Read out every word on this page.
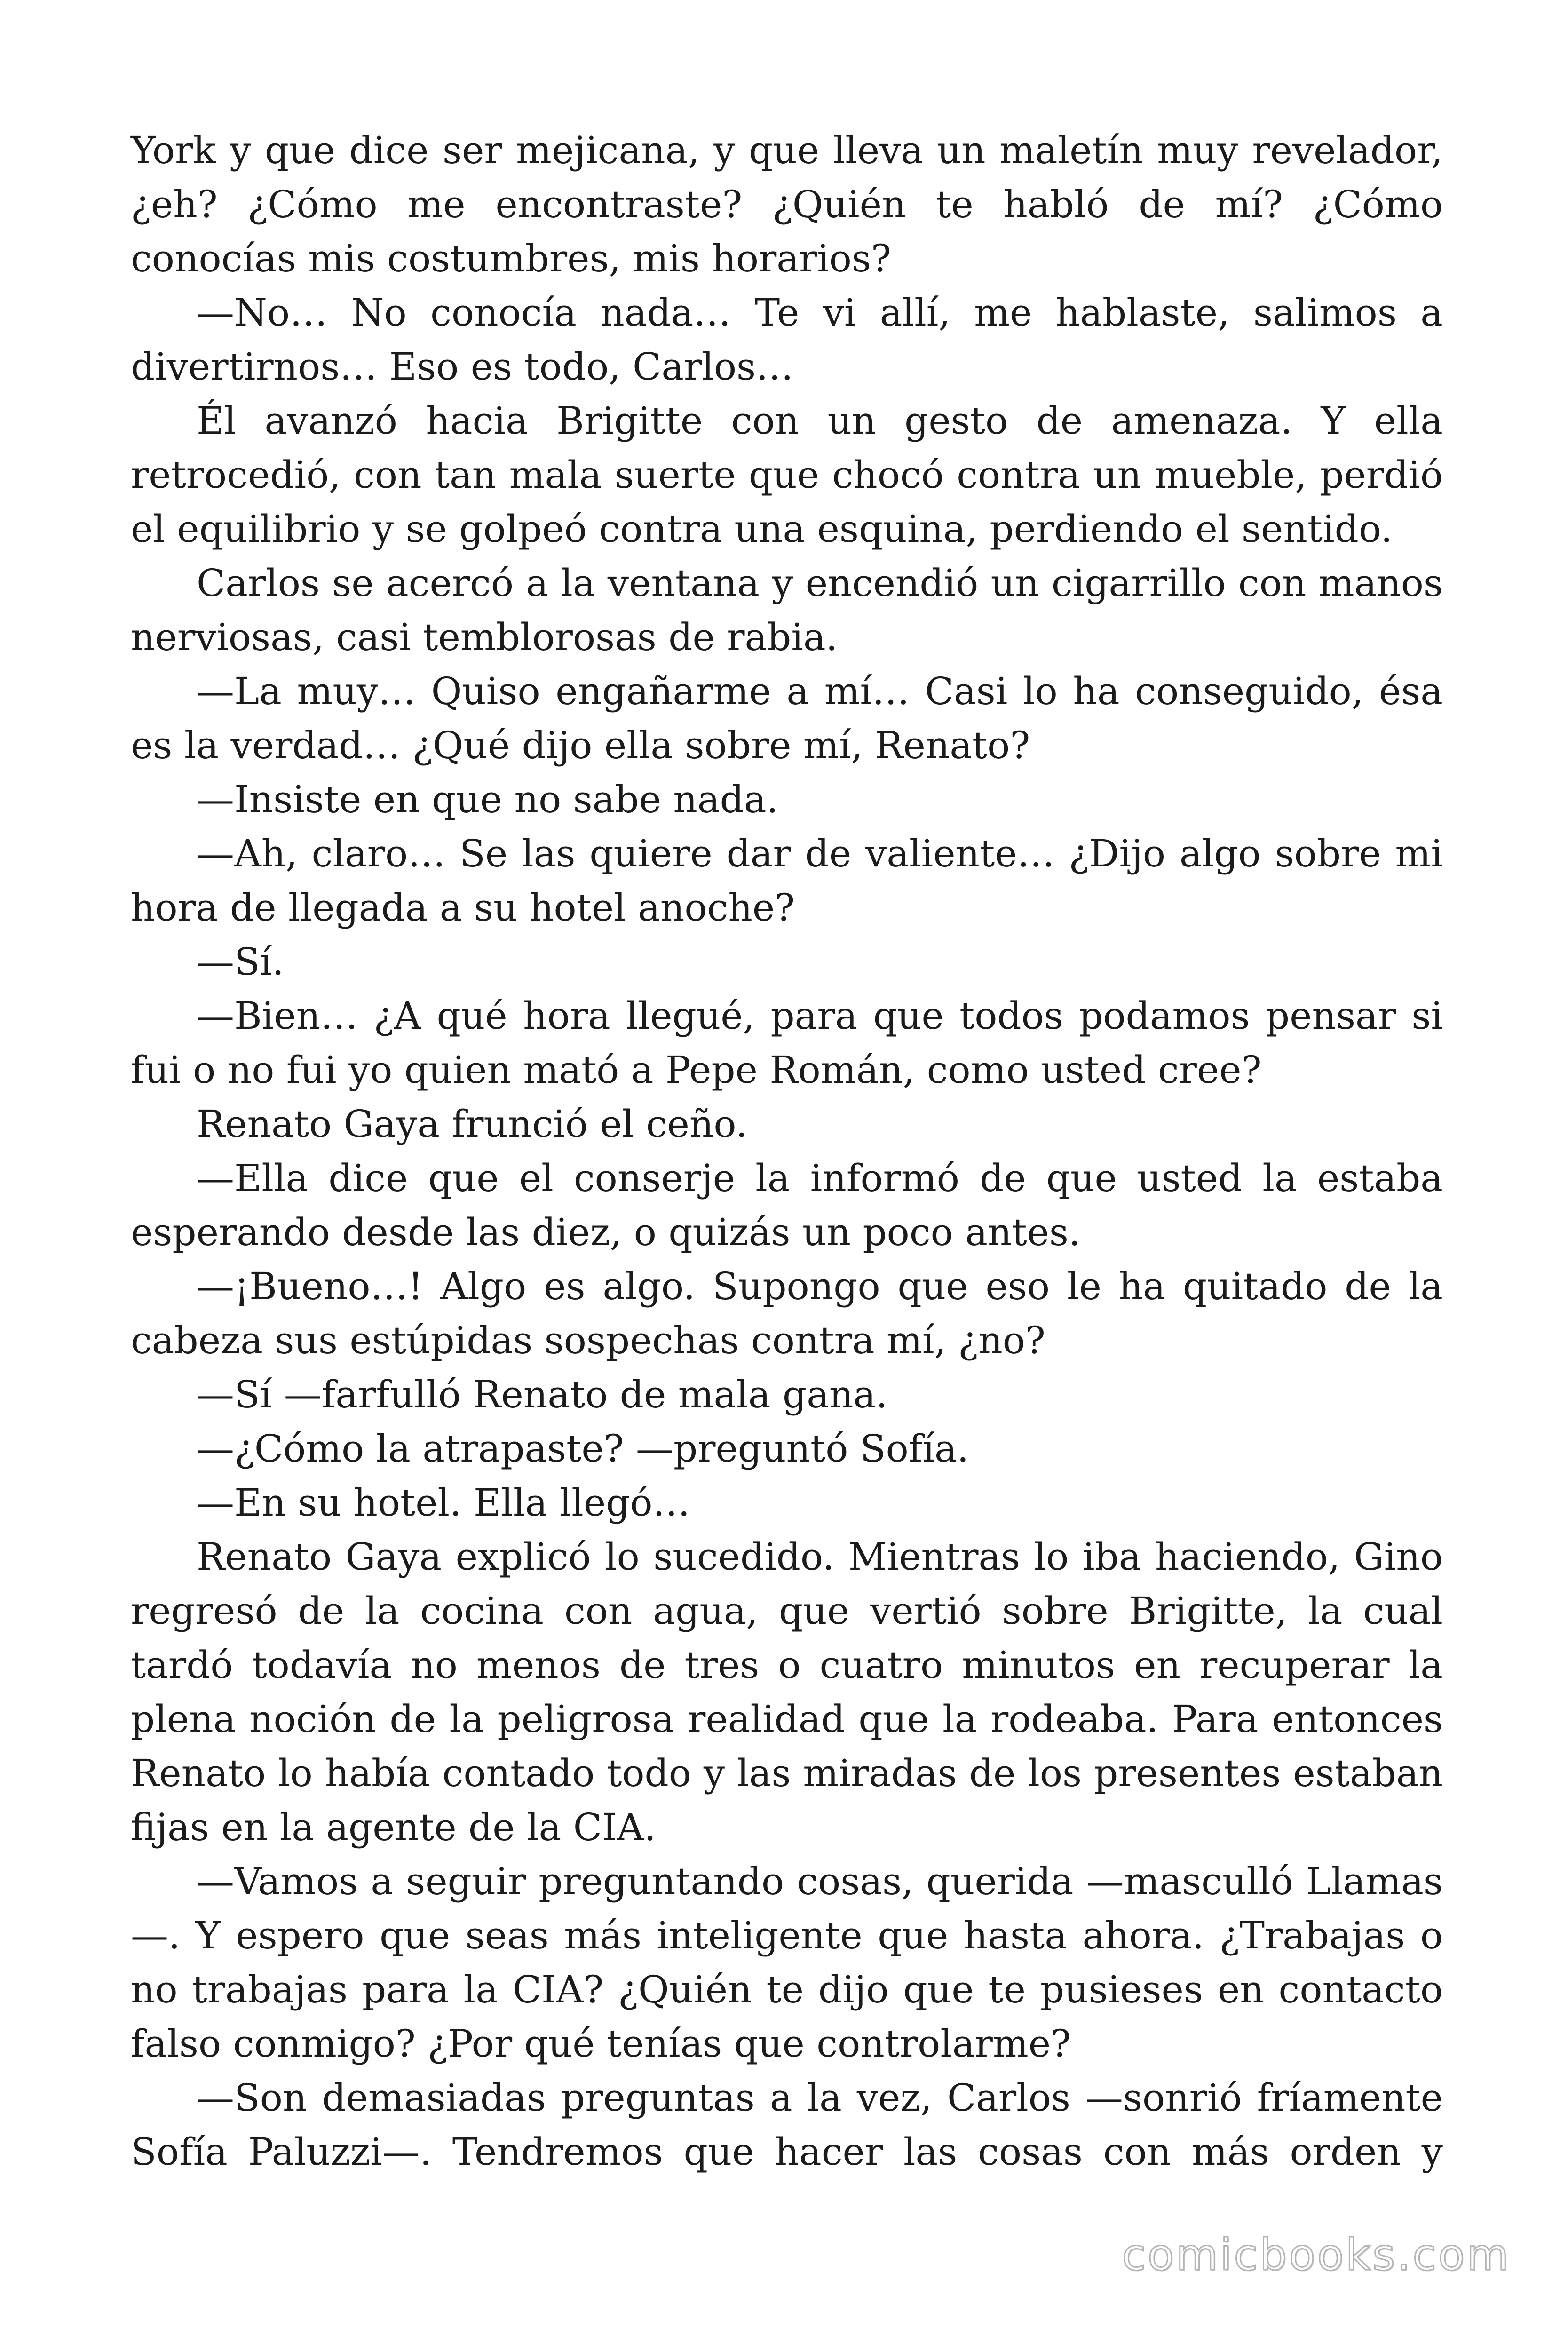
York y que dice ser mejicana, y que lleva un maletín muy revelador, ¿eh? ¿Cómo me encontraste? ¿Quién te habló de mí? ¿Cómo conocías mis costumbres, mis horarios?

—No… No conocía nada… Te vi allí, me hablaste, salimos a divertirnos… Eso es todo, Carlos…

Él avanzó hacia Brigitte con un gesto de amenaza. Y ella retrocedió, con tan mala suerte que chocó contra un mueble, perdió el equilibrio y se golpeó contra una esquina, perdiendo el sentido.

Carlos se acercó a la ventana y encendió un cigarrillo con manos nerviosas, casi temblorosas de rabia.

—La muy… Quiso engañarme a mí… Casi lo ha conseguido, ésa es la verdad… ¿Qué dijo ella sobre mí, Renato?

—Insiste en que no sabe nada.

—Ah, claro… Se las quiere dar de valiente… ¿Dijo algo sobre mi hora de llegada a su hotel anoche?

—Sí.

—Bien… ¿A qué hora llegué, para que todos podamos pensar si fui o no fui yo quien mató a Pepe Román, como usted cree?

Renato Gaya frunció el ceño.

—Ella dice que el conserje la informó de que usted la estaba esperando desde las diez, o quizás un poco antes.

—¡Bueno…! Algo es algo. Supongo que eso le ha quitado de la cabeza sus estúpidas sospechas contra mí, ¿no?

—Sí —farfulló Renato de mala gana.

—¿Cómo la atrapaste? —preguntó Sofía.

—En su hotel. Ella llegó…

Renato Gaya explicó lo sucedido. Mientras lo iba haciendo, Gino regresó de la cocina con agua, que vertió sobre Brigitte, la cual tardó todavía no menos de tres o cuatro minutos en recuperar la plena noción de la peligrosa realidad que la rodeaba. Para entonces Renato lo había contado todo y las miradas de los presentes estaban fijas en la agente de la CIA.

—Vamos a seguir preguntando cosas, querida —masculló Llamas—. Y espero que seas más inteligente que hasta ahora. ¿Trabajas o no trabajas para la CIA? ¿Quién te dijo que te pusieses en contacto falso conmigo? ¿Por qué tenías que controlarme?

—Son demasiadas preguntas a la vez, Carlos —sonrió fríamente Sofía Paluzzi—. Tendremos que hacer las cosas con más orden y

comicbooks.com
